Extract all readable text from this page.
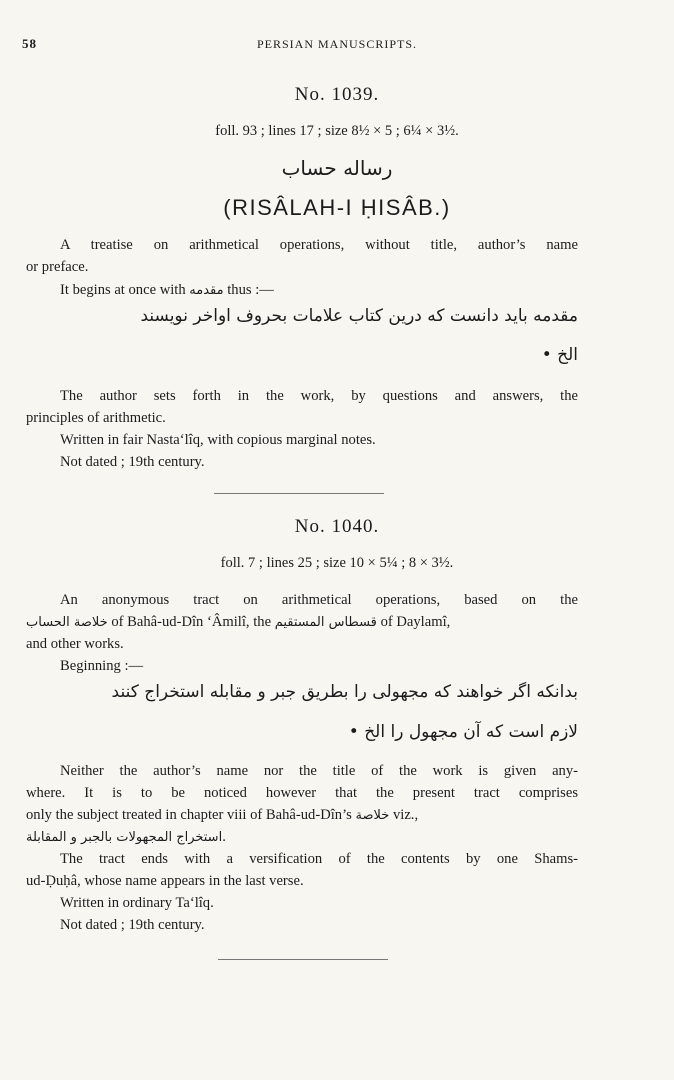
58	PERSIAN MANUSCRIPTS.
No. 1039.
foll. 93 ; lines 17 ; size 8½ × 5 ; 6¼ × 3½.
رساله حساب
(RISÂLAH-I ḤISÂB.)
A treatise on arithmetical operations, without title, author’s name
or preface.
It begins at once with مقدمه thus :—
مقدمه باید دانست که درین کتاب علامات بحروف اواخر نویسند
الخ •
The author sets forth in the work, by questions and answers, the
principles of arithmetic.
Written in fair Nasta‘lîq, with copious marginal notes.
Not dated ; 19th century.
No. 1040.
foll. 7 ; lines 25 ; size 10 × 5¼ ; 8 × 3½.
An anonymous tract on arithmetical operations, based on the
خلاصة الحساب of Bahâ-ud-Dîn ‘Âmilî, the قسطاس المستقيم of Daylamî,
and other works.
Beginning :—
بدانکه اگر خواهند که مجهولی را بطریق جبر و مقابله استخراج کنند
لازم است که آن مجهول را الخ •
Neither the author’s name nor the title of the work is given any-
where. It is to be noticed however that the present tract comprises
only the subject treated in chapter viii of Bahâ-ud-Dîn’s خلاصة viz.,
استخراج المجهولات بالجبر و المقابلة.
The tract ends with a versification of the contents by one Shams-
ud-Ḍuḥâ, whose name appears in the last verse.
Written in ordinary Ta‘lîq.
Not dated ; 19th century.
